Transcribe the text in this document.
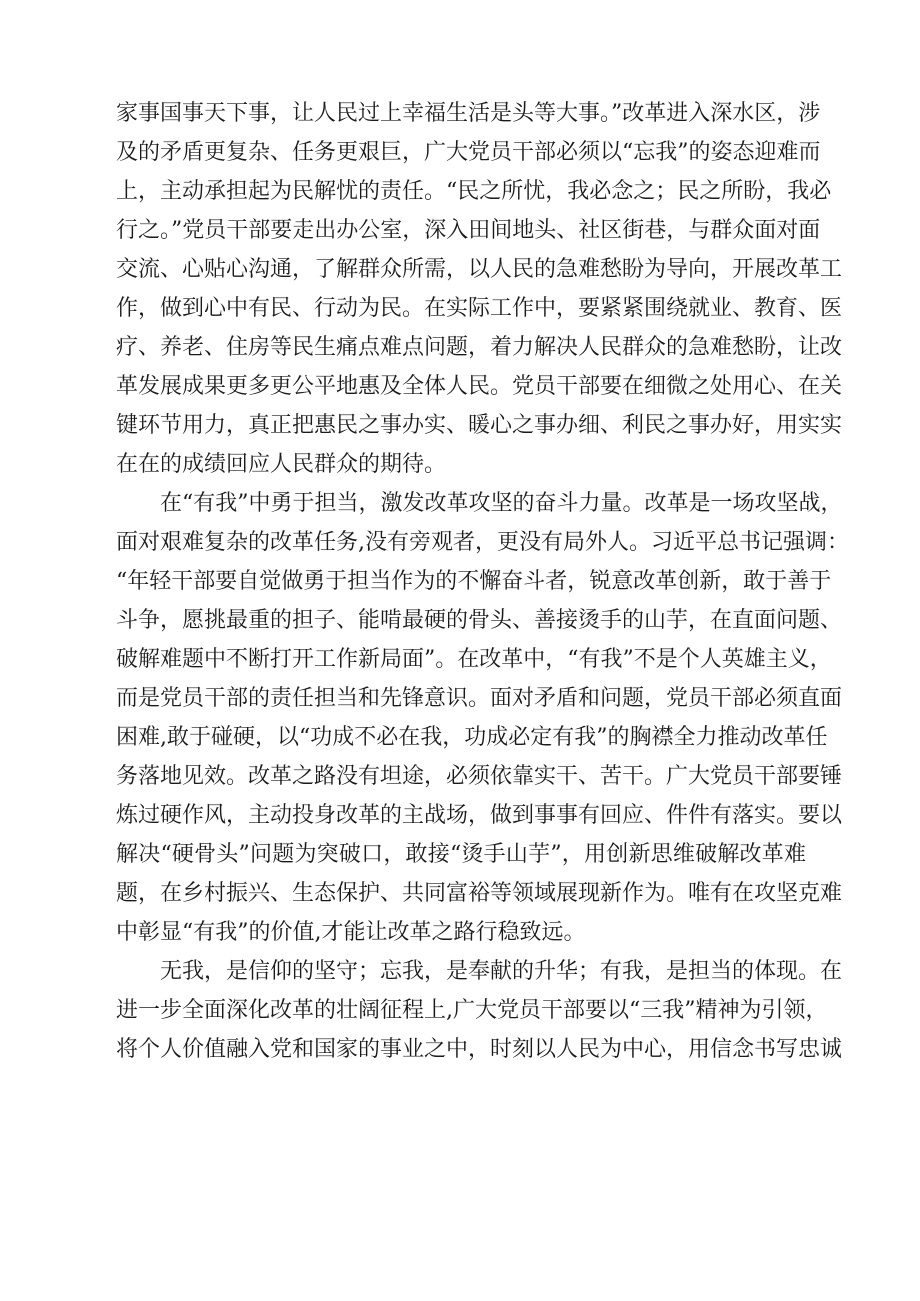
家事国事天下事，让人民过上幸福生活是头等大事。”改革进入深水区，涉
及的矛盾更复杂、任务更艰巨，广大党员干部必须以“忘我”的姿态迎难而
上，主动承担起为民解忧的责任。“民之所忧，我必念之；民之所盼，我必
行之。”党员干部要走出办公室，深入田间地头、社区街巷，与群众面对面
交流、心贴心沟通，了解群众所需，以人民的急难愁盼为导向，开展改革工
作，做到心中有民、行动为民。在实际工作中，要紧紧围绕就业、教育、医
疗、养老、住房等民生痛点难点问题，着力解决人民群众的急难愁盼，让改
革发展成果更多更公平地惠及全体人民。党员干部要在细微之处用心、在关
键环节用力，真正把惠民之事办实、暖心之事办细、利民之事办好，用实实
在在的成绩回应人民群众的期待。
在“有我”中勇于担当，激发改革攻坚的奋斗力量。改革是一场攻坚战，
面对艰难复杂的改革任务,没有旁观者，更没有局外人。习近平总书记强调：
“年轻干部要自觉做勇于担当作为的不懈奋斗者，锐意改革创新，敢于善于
斗争，愿挑最重的担子、能啃最硬的骨头、善接烫手的山芋，在直面问题、
破解难题中不断打开工作新局面”。在改革中，“有我”不是个人英雄主义，
而是党员干部的责任担当和先锋意识。面对矛盾和问题，党员干部必须直面
困难,敢于碰硬，以“功成不必在我，功成必定有我”的胸襟全力推动改革任
务落地见效。改革之路没有坦途，必须依靠实干、苦干。广大党员干部要锤
炼过硬作风，主动投身改革的主战场，做到事事有回应、件件有落实。要以
解决“硬骨头”问题为突破口，敢接“烫手山芋”，用创新思维破解改革难
题，在乡村振兴、生态保护、共同富裕等领域展现新作为。唯有在攻坚克难
中彰显“有我”的价值,才能让改革之路行稳致远。
无我，是信仰的坚守；忘我，是奉献的升华；有我，是担当的体现。在
进一步全面深化改革的壮阔征程上,广大党员干部要以“三我”精神为引领，
将个人价值融入党和国家的事业之中，时刻以人民为中心，用信念书写忠诚
